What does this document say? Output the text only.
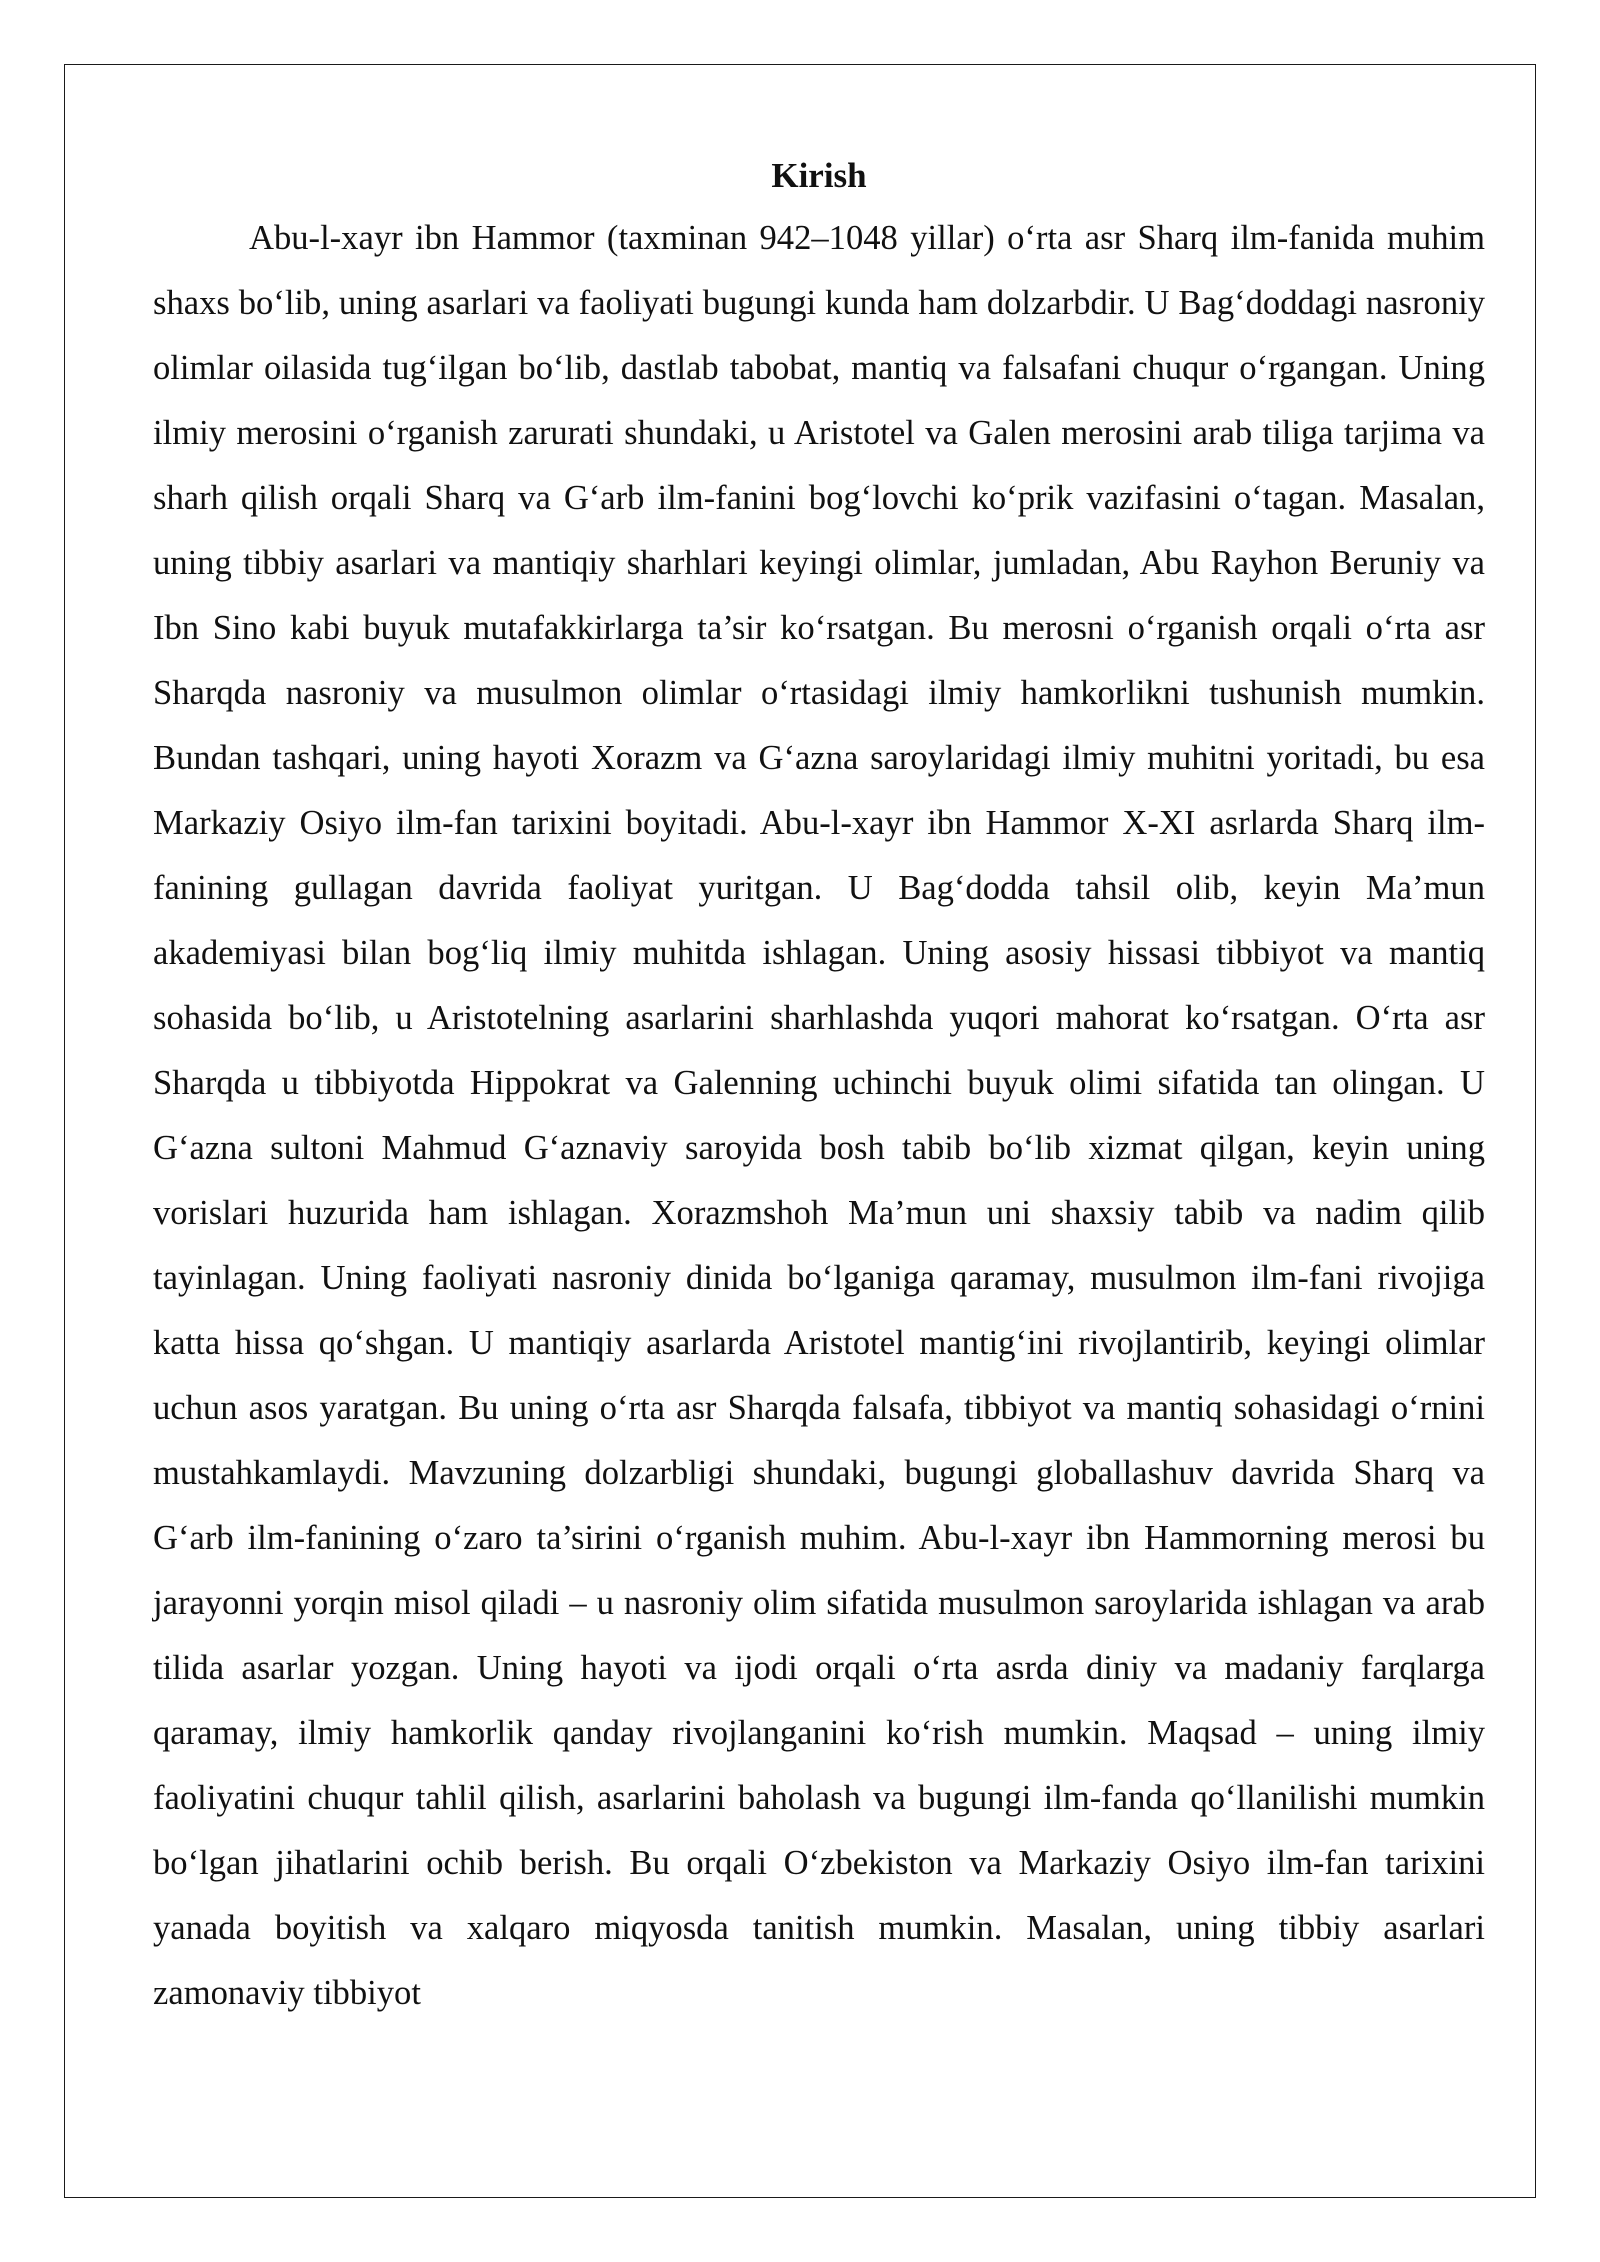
Kirish

Abu-l-xayr ibn Hammor (taxminan 942–1048 yillar) o‘rta asr Sharq ilm-fanida muhim shaxs bo‘lib, uning asarlari va faoliyati bugungi kunda ham dolzarbdir. U Bag‘doddagi nasroniy olimlar oilasida tug‘ilgan bo‘lib, dastlab tabobat, mantiq va falsafani chuqur o‘rgangan. Uning ilmiy merosini o‘rganish zarurati shundaki, u Aristotel va Galen merosini arab tiliga tarjima va sharh qilish orqali Sharq va G‘arb ilm-fanini bog‘lovchi ko‘prik vazifasini o‘tagan. Masalan, uning tibbiy asarlari va mantiqiy sharhlari keyingi olimlar, jumladan, Abu Rayhon Beruniy va Ibn Sino kabi buyuk mutafakkirlarga ta’sir ko‘rsatgan. Bu merosni o‘rganish orqali o‘rta asr Sharqda nasroniy va musulmon olimlar o‘rtasidagi ilmiy hamkorlikni tushunish mumkin. Bundan tashqari, uning hayoti Xorazm va G‘azna saroylaridagi ilmiy muhitni yoritadi, bu esa Markaziy Osiyo ilm-fan tarixini boyitadi. Abu-l-xayr ibn Hammor X-XI asrlarda Sharq ilm-fanining gullagan davrida faoliyat yuritgan. U Bag‘dodda tahsil olib, keyin Ma’mun akademiyasi bilan bog‘liq ilmiy muhitda ishlagan. Uning asosiy hissasi tibbiyot va mantiq sohasida bo‘lib, u Aristotelning asarlarini sharhlashda yuqori mahorat ko‘rsatgan. O‘rta asr Sharqda u tibbiyotda Hippokrat va Galenning uchinchi buyuk olimi sifatida tan olingan. U G‘azna sultoni Mahmud G‘aznaviy saroyida bosh tabib bo‘lib xizmat qilgan, keyin uning vorislari huzurida ham ishlagan. Xorazmshoh Ma’mun uni shaxsiy tabib va nadim qilib tayinlagan. Uning faoliyati nasroniy dinida bo‘lganiga qaramay, musulmon ilm-fani rivojiga katta hissa qo‘shgan. U mantiqiy asarlarda Aristotel mantig‘ini rivojlantirib, keyingi olimlar uchun asos yaratgan. Bu uning o‘rta asr Sharqda falsafa, tibbiyot va mantiq sohasidagi o‘rnini mustahkamlaydi. Mavzuning dolzarbligi shundaki, bugungi globallashuv davrida Sharq va G‘arb ilm-fanining o‘zaro ta’sirini o‘rganish muhim. Abu-l-xayr ibn Hammorning merosi bu jarayonni yorqin misol qiladi – u nasroniy olim sifatida musulmon saroylarida ishlagan va arab tilida asarlar yozgan. Uning hayoti va ijodi orqali o‘rta asrda diniy va madaniy farqlarga qaramay, ilmiy hamkorlik qanday rivojlanganini ko‘rish mumkin. Maqsad – uning ilmiy faoliyatini chuqur tahlil qilish, asarlarini baholash va bugungi ilm-fanda qo‘llanilishi mumkin bo‘lgan jihatlarini ochib berish. Bu orqali O‘zbekiston va Markaziy Osiyo ilm-fan tarixini yanada boyitish va xalqaro miqyosda tanitish mumkin. Masalan, uning tibbiy asarlari zamonaviy tibbiyot
